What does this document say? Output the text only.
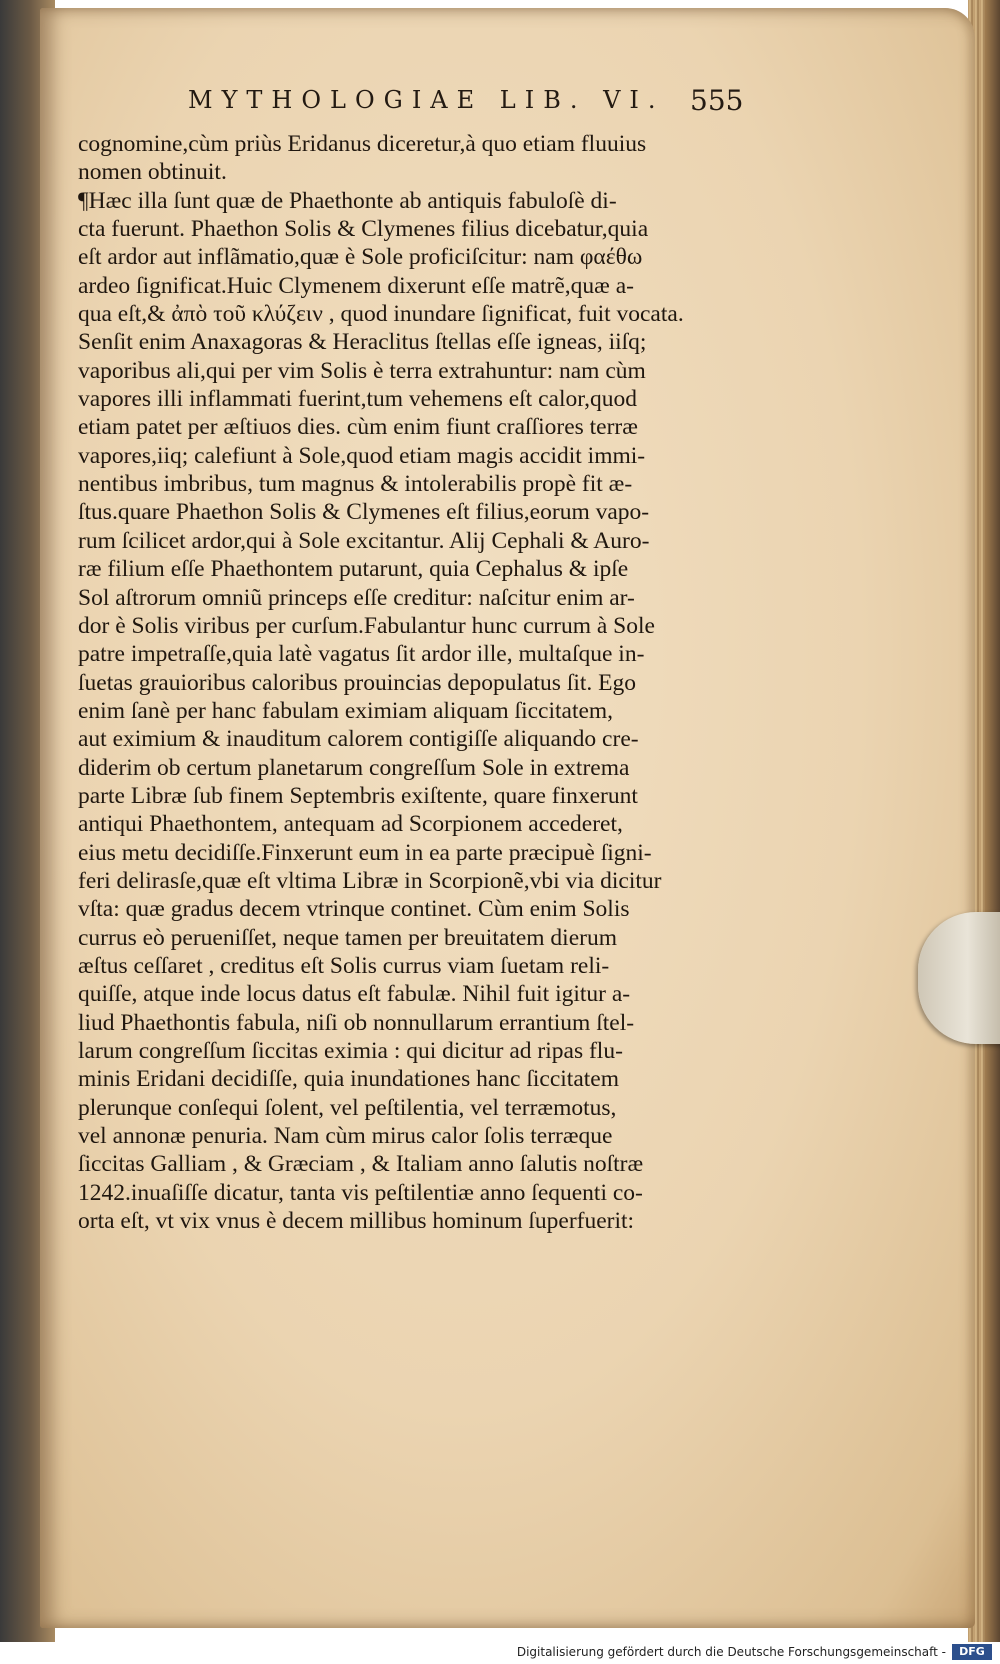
MYTHOLOGIAE LIB. VI. 555
cognomine,cùm priùs Eridanus diceretur,à quo etiam fluuius
nomen obtinuit.
¶Hæc illa ſunt quæ de Phaethonte ab antiquis fabuloſè di-
cta fuerunt. Phaethon Solis & Clymenes filius dicebatur,quia
eſt ardor aut inflãmatio,quæ è Sole proficiſcitur: nam φαέθω
ardeo ſignificat.Huic Clymenem dixerunt eſſe matrẽ,quæ a-
qua eſt,& ἀπὸ τοῦ κλύζειν , quod inundare ſignificat, fuit vocata.
Senſit enim Anaxagoras & Heraclitus ſtellas eſſe igneas, iiſq;
vaporibus ali,qui per vim Solis è terra extrahuntur: nam cùm
vapores illi inflammati fuerint,tum vehemens eſt calor,quod
etiam patet per æſtiuos dies. cùm enim fiunt craſſiores terræ
vapores,iiq; calefiunt à Sole,quod etiam magis accidit immi-
nentibus imbribus, tum magnus & intolerabilis propè fit æ-
ſtus.quare Phaethon Solis & Clymenes eſt filius,eorum vapo-
rum ſcilicet ardor,qui à Sole excitantur. Alij Cephali & Auro-
ræ filium eſſe Phaethontem putarunt, quia Cephalus & ipſe
Sol aſtrorum omniũ princeps eſſe creditur: naſcitur enim ar-
dor è Solis viribus per curſum.Fabulantur hunc currum à Sole
patre impetraſſe,quia latè vagatus ſit ardor ille, multaſque in-
ſuetas grauioribus caloribus prouincias depopulatus ſit. Ego
enim ſanè per hanc fabulam eximiam aliquam ſiccitatem,
aut eximium & inauditum calorem contigiſſe aliquando cre-
diderim ob certum planetarum congreſſum Sole in extrema
parte Libræ ſub finem Septembris exiſtente, quare finxerunt
antiqui Phaethontem, antequam ad Scorpionem accederet,
eius metu decidiſſe.Finxerunt eum in ea parte præcipuè ſigni-
feri delirasſe,quæ eſt vltima Libræ in Scorpionẽ,vbi via dicitur
vſta: quæ gradus decem vtrinque continet. Cùm enim Solis
currus eò perueniſſet, neque tamen per breuitatem dierum
æſtus ceſſaret , creditus eſt Solis currus viam ſuetam reli-
quiſſe, atque inde locus datus eſt fabulæ. Nihil fuit igitur a-
liud Phaethontis fabula, niſi ob nonnullarum errantium ſtel-
larum congreſſum ſiccitas eximia : qui dicitur ad ripas flu-
minis Eridani decidiſſe, quia inundationes hanc ſiccitatem
plerunque conſequi ſolent, vel peſtilentia, vel terræmotus,
vel annonæ penuria. Nam cùm mirus calor ſolis terræque
ſiccitas Galliam , & Græciam , & Italiam anno ſalutis noſtræ
1242.inuaſiſſe dicatur, tanta vis peſtilentiæ anno ſequenti co-
orta eſt, vt vix vnus è decem millibus hominum ſuperfuerit:
Digitalisierung gefördert durch die Deutsche Forschungsgemeinschaft -	DFG
